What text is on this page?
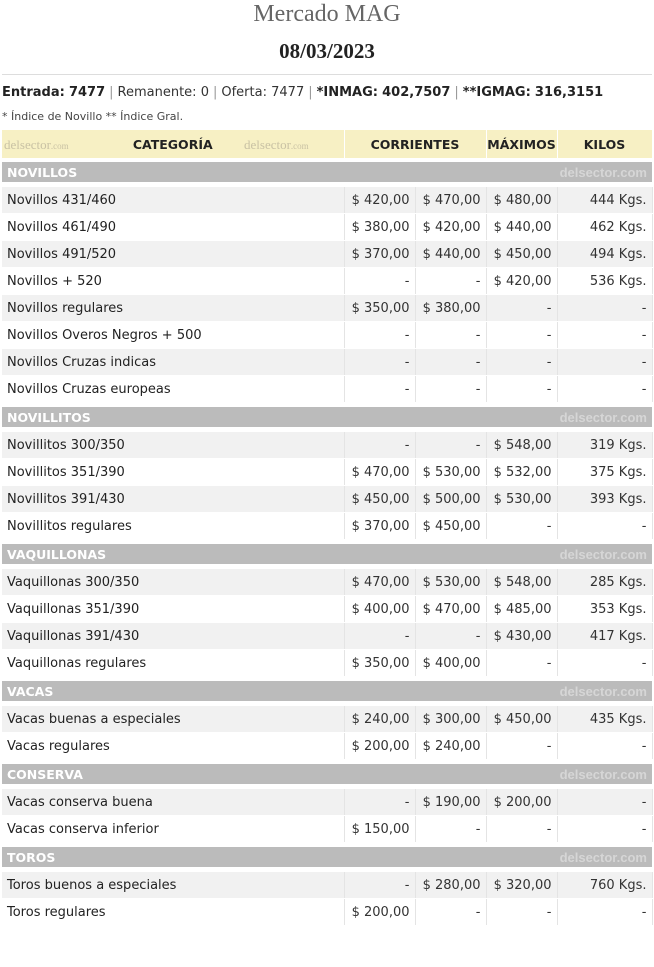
Mercado MAG
08/03/2023
Entrada: 7477 | Remanente: 0 | Oferta: 7477 | *INMAG: 402,7507 | **IGMAG: 316,3151
* Índice de Novillo ** Índice Gral.
delsector.com CATEGORÍA delsector.com	CORRIENTES		MÁXIMOS	KILOS

NOVILLOS delsector.com				

Novillos 431/460	$ 420,00	$ 470,00	$ 480,00	444 Kgs.
Novillos 461/490	$ 380,00	$ 420,00	$ 440,00	462 Kgs.
Novillos 491/520	$ 370,00	$ 440,00	$ 450,00	494 Kgs.
Novillos + 520	-	-	$ 420,00	536 Kgs.
Novillos regulares	$ 350,00	$ 380,00	-	-
Novillos Overos Negros + 500	-	-	-	-
Novillos Cruzas indicas	-	-	-	-
Novillos Cruzas europeas	-	-	-	-

NOVILLITOS delsector.com				

Novillitos 300/350	-	-	$ 548,00	319 Kgs.
Novillitos 351/390	$ 470,00	$ 530,00	$ 532,00	375 Kgs.
Novillitos 391/430	$ 450,00	$ 500,00	$ 530,00	393 Kgs.
Novillitos regulares	$ 370,00	$ 450,00	-	-

VAQUILLONAS delsector.com				

Vaquillonas 300/350	$ 470,00	$ 530,00	$ 548,00	285 Kgs.
Vaquillonas 351/390	$ 400,00	$ 470,00	$ 485,00	353 Kgs.
Vaquillonas 391/430	-	-	$ 430,00	417 Kgs.
Vaquillonas regulares	$ 350,00	$ 400,00	-	-

VACAS delsector.com				

Vacas buenas a especiales	$ 240,00	$ 300,00	$ 450,00	435 Kgs.
Vacas regulares	$ 200,00	$ 240,00	-	-

CONSERVA delsector.com				

Vacas conserva buena	-	$ 190,00	$ 200,00	-
Vacas conserva inferior	$ 150,00	-	-	-

TOROS delsector.com				

Toros buenos a especiales	-	$ 280,00	$ 320,00	760 Kgs.
Toros regulares	$ 200,00	-	-	-
